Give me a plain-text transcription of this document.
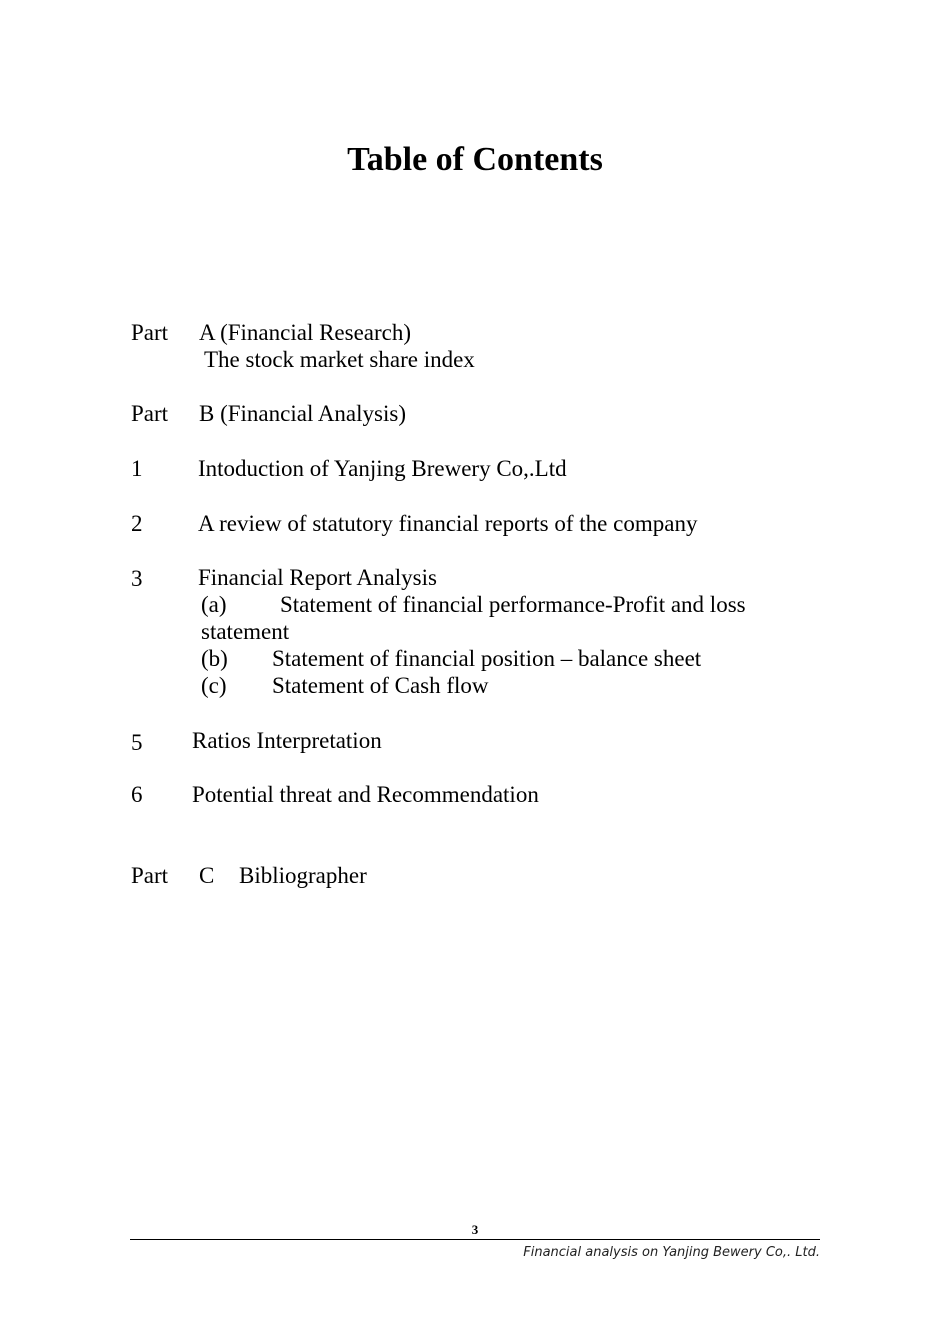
Table of Contents
Part A (Financial Research)
The stock market share index
Part B (Financial Analysis)
1 Intoduction of Yanjing Brewery Co,.Ltd
2 A review of statutory financial reports of the company
3 Financial Report Analysis
(a) Statement of financial performance-Profit and loss
statement
(b) Statement of financial position – balance sheet
(c) Statement of Cash flow
5 Ratios Interpretation
6 Potential threat and Recommendation
Part C Bibliographer
3
Financial analysis on Yanjing Bewery Co,. Ltd.
